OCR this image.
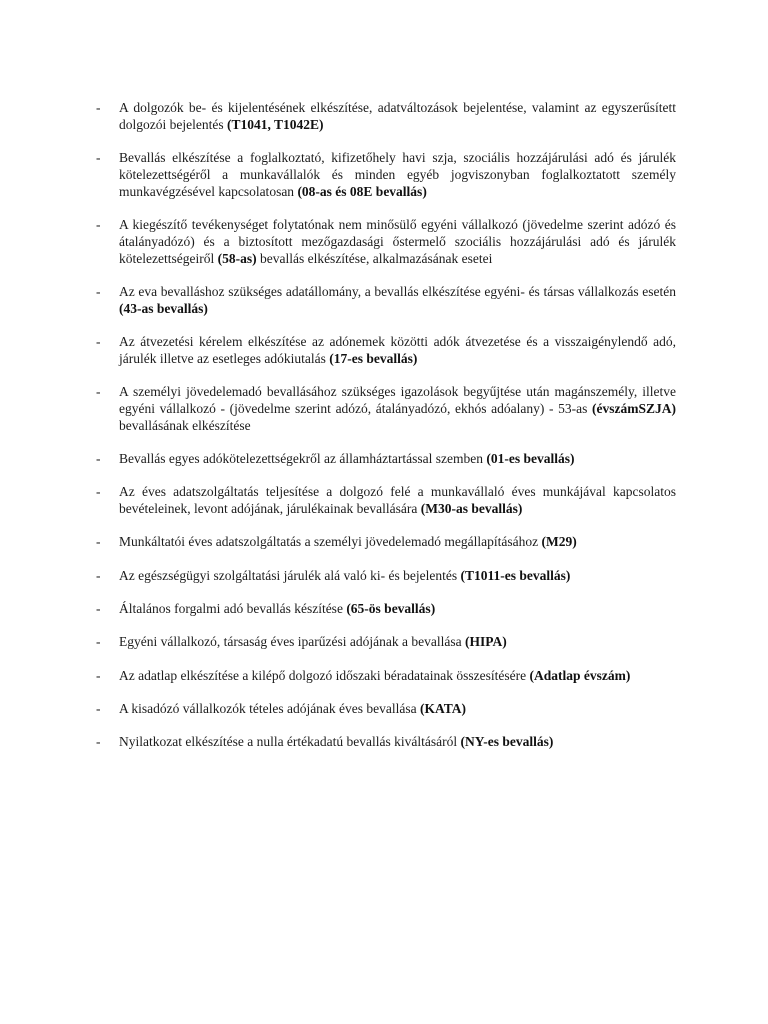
-	A dolgozók be- és kijelentésének elkészítése, adatváltozások bejelentése, valamint az egyszerűsített dolgozói bejelentés (T1041, T1042E)
-	Bevallás elkészítése a foglalkoztató, kifizetőhely havi szja, szociális hozzájárulási adó és járulék kötelezettségéről a munkavállalók és minden egyéb jogviszonyban foglalkoztatott személy munkavégzésével kapcsolatosan (08-as és 08E bevallás)
-	A kiegészítő tevékenységet folytatónak nem minősülő egyéni vállalkozó (jövedelme szerint adózó és átalányadózó) és a biztosított mezőgazdasági őstermelő szociális hozzájárulási adó és járulék kötelezettségeiről (58-as) bevallás elkészítése, alkalmazásának esetei
-	Az eva bevalláshoz szükséges adatállomány, a bevallás elkészítése egyéni- és társas vállalkozás esetén (43-as bevallás)
-	Az átvezetési kérelem elkészítése az adónemek közötti adók átvezetése és a visszaigénylendő adó, járulék illetve az esetleges adókiutalás (17-es bevallás)
-	A személyi jövedelemadó bevallásához szükséges igazolások begyűjtése után magánszemély, illetve egyéni vállalkozó - (jövedelme szerint adózó, átalányadózó, ekhós adóalany) - 53-as (évszámSZJA) bevallásának elkészítése
-	Bevallás egyes adókötelezettségekről az államháztartással szemben (01-es bevallás)
-	Az éves adatszolgáltatás teljesítése a dolgozó felé a munkavállaló éves munkájával kapcsolatos bevételeinek, levont adójának, járulékainak bevallására (M30-as bevallás)
-	Munkáltatói éves adatszolgáltatás a személyi jövedelemadó megállapításához (M29)
-	Az egészségügyi szolgáltatási járulék alá való ki- és bejelentés (T1011-es bevallás)
-	Általános forgalmi adó bevallás készítése (65-ös bevallás)
-	Egyéni vállalkozó, társaság éves iparűzési adójának a bevallása (HIPA)
-	Az adatlap elkészítése a kilépő dolgozó időszaki béradatainak összesítésére (Adatlap évszám)
-	A kisadózó vállalkozók tételes adójának éves bevallása (KATA)
-	Nyilatkozat elkészítése a nulla értékadatú bevallás kiváltásáról (NY-es bevallás)
